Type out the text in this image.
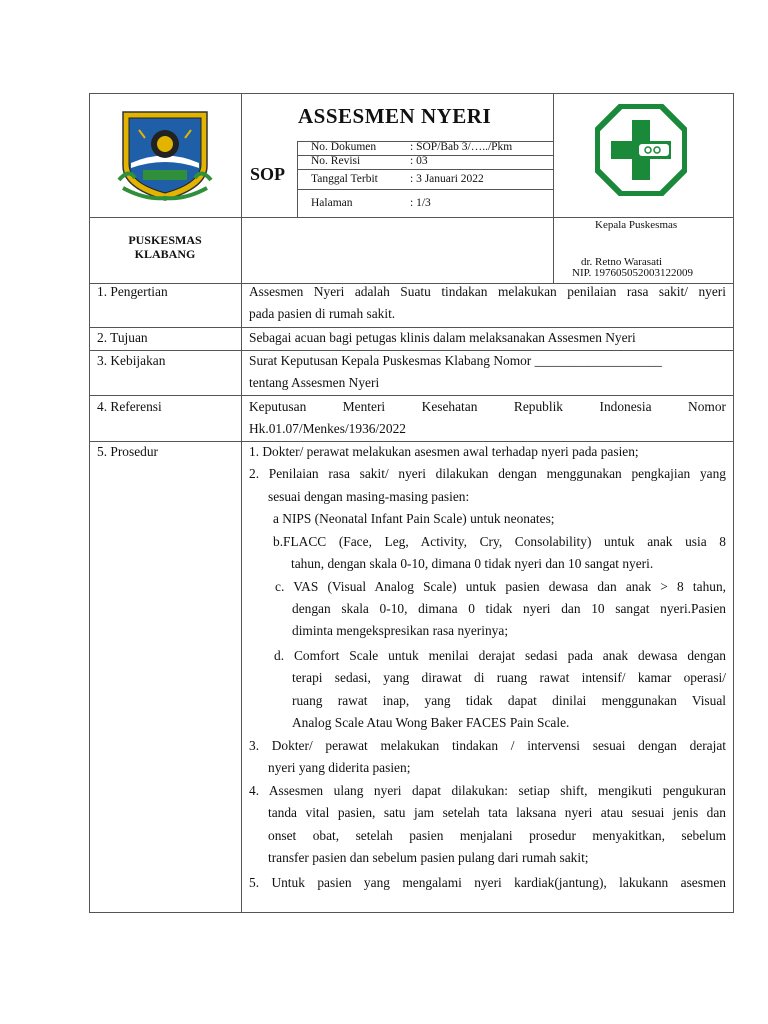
ASSESMEN NYERI
SOP
No. Dokumen	: SOP/Bab 3/…../Pkm
No. Revisi	: 03
Tanggal Terbit	: 3 Januari 2022
Halaman	: 1/3
PUSKESMAS
KLABANG
Kepala Puskesmas
dr. Retno Warasati
NIP. 197605052003122009
1. Pengertian	Assesmen Nyeri adalah Suatu tindakan melakukan penilaian rasa sakit/ nyeri
pada pasien di rumah sakit.
2. Tujuan	Sebagai acuan bagi petugas klinis dalam melaksanakan Assesmen Nyeri
3. Kebijakan	Surat Keputusan Kepala Puskesmas Klabang Nomor ___________________
tentang Assesmen Nyeri
4. Referensi	Keputusan Menteri Kesehatan Republik Indonesia Nomor
Hk.01.07/Menkes/1936/2022
5. Prosedur	1. Dokter/ perawat melakukan asesmen awal terhadap nyeri pada pasien;
2. Penilaian rasa sakit/ nyeri dilakukan dengan menggunakan pengkajian yang
sesuai dengan masing-masing pasien:
a NIPS (Neonatal Infant Pain Scale) untuk neonates;
b.FLACC (Face, Leg, Activity, Cry, Consolability) untuk anak usia 8
tahun, dengan skala 0-10, dimana 0 tidak nyeri dan 10 sangat nyeri.
c. VAS (Visual Analog Scale) untuk pasien dewasa dan anak > 8 tahun,
dengan skala 0-10, dimana 0 tidak nyeri dan 10 sangat nyeri.Pasien
diminta mengekspresikan rasa nyerinya;
d. Comfort Scale untuk menilai derajat sedasi pada anak dewasa dengan
terapi sedasi, yang dirawat di ruang rawat intensif/ kamar operasi/
ruang rawat inap, yang tidak dapat dinilai menggunakan Visual
Analog Scale Atau Wong Baker FACES Pain Scale.
3. Dokter/ perawat melakukan tindakan / intervensi sesuai dengan derajat
nyeri yang diderita pasien;
4. Assesmen ulang nyeri dapat dilakukan: setiap shift, mengikuti pengukuran
tanda vital pasien, satu jam setelah tata laksana nyeri atau sesuai jenis dan
onset obat, setelah pasien menjalani prosedur menyakitkan, sebelum
transfer pasien dan sebelum pasien pulang dari rumah sakit;
5. Untuk pasien yang mengalami nyeri kardiak(jantung), lakukann asesmen
